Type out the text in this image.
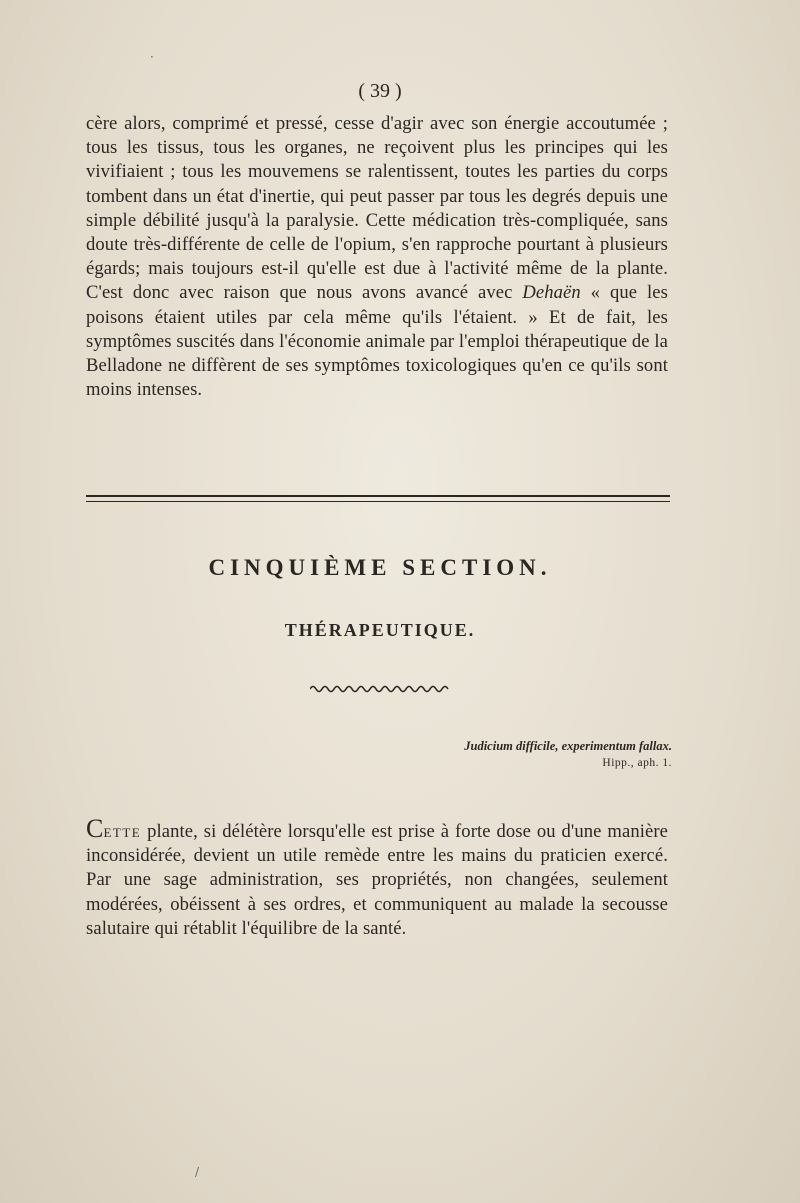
( 39 )
cère alors, comprimé et pressé, cesse d'agir avec son énergie accoutumée ; tous les tissus, tous les organes, ne reçoivent plus les principes qui les vivifiaient ; tous les mouvemens se ralentissent, toutes les parties du corps tombent dans un état d'inertie, qui peut passer par tous les degrés depuis une simple débilité jusqu'à la paralysie. Cette médication très-compliquée, sans doute très-différente de celle de l'opium, s'en rapproche pourtant à plusieurs égards; mais toujours est-il qu'elle est due à l'activité même de la plante. C'est donc avec raison que nous avons avancé avec Dehaën « que les poisons étaient utiles par cela même qu'ils l'étaient. » Et de fait, les symptômes suscités dans l'économie animale par l'emploi thérapeutique de la Belladone ne diffèrent de ses symptômes toxicologiques qu'en ce qu'ils sont moins intenses.
CINQUIÈME SECTION.
THÉRAPEUTIQUE.
Judicium difficile, experimentum fallax.
Hipp., aph. 1.
Cette plante, si délétère lorsqu'elle est prise à forte dose ou d'une manière inconsidérée, devient un utile remède entre les mains du praticien exercé. Par une sage administration, ses propriétés, non changées, seulement modérées, obéissent à ses ordres, et communiquent au malade la secousse salutaire qui rétablit l'équilibre de la santé.
·
/
